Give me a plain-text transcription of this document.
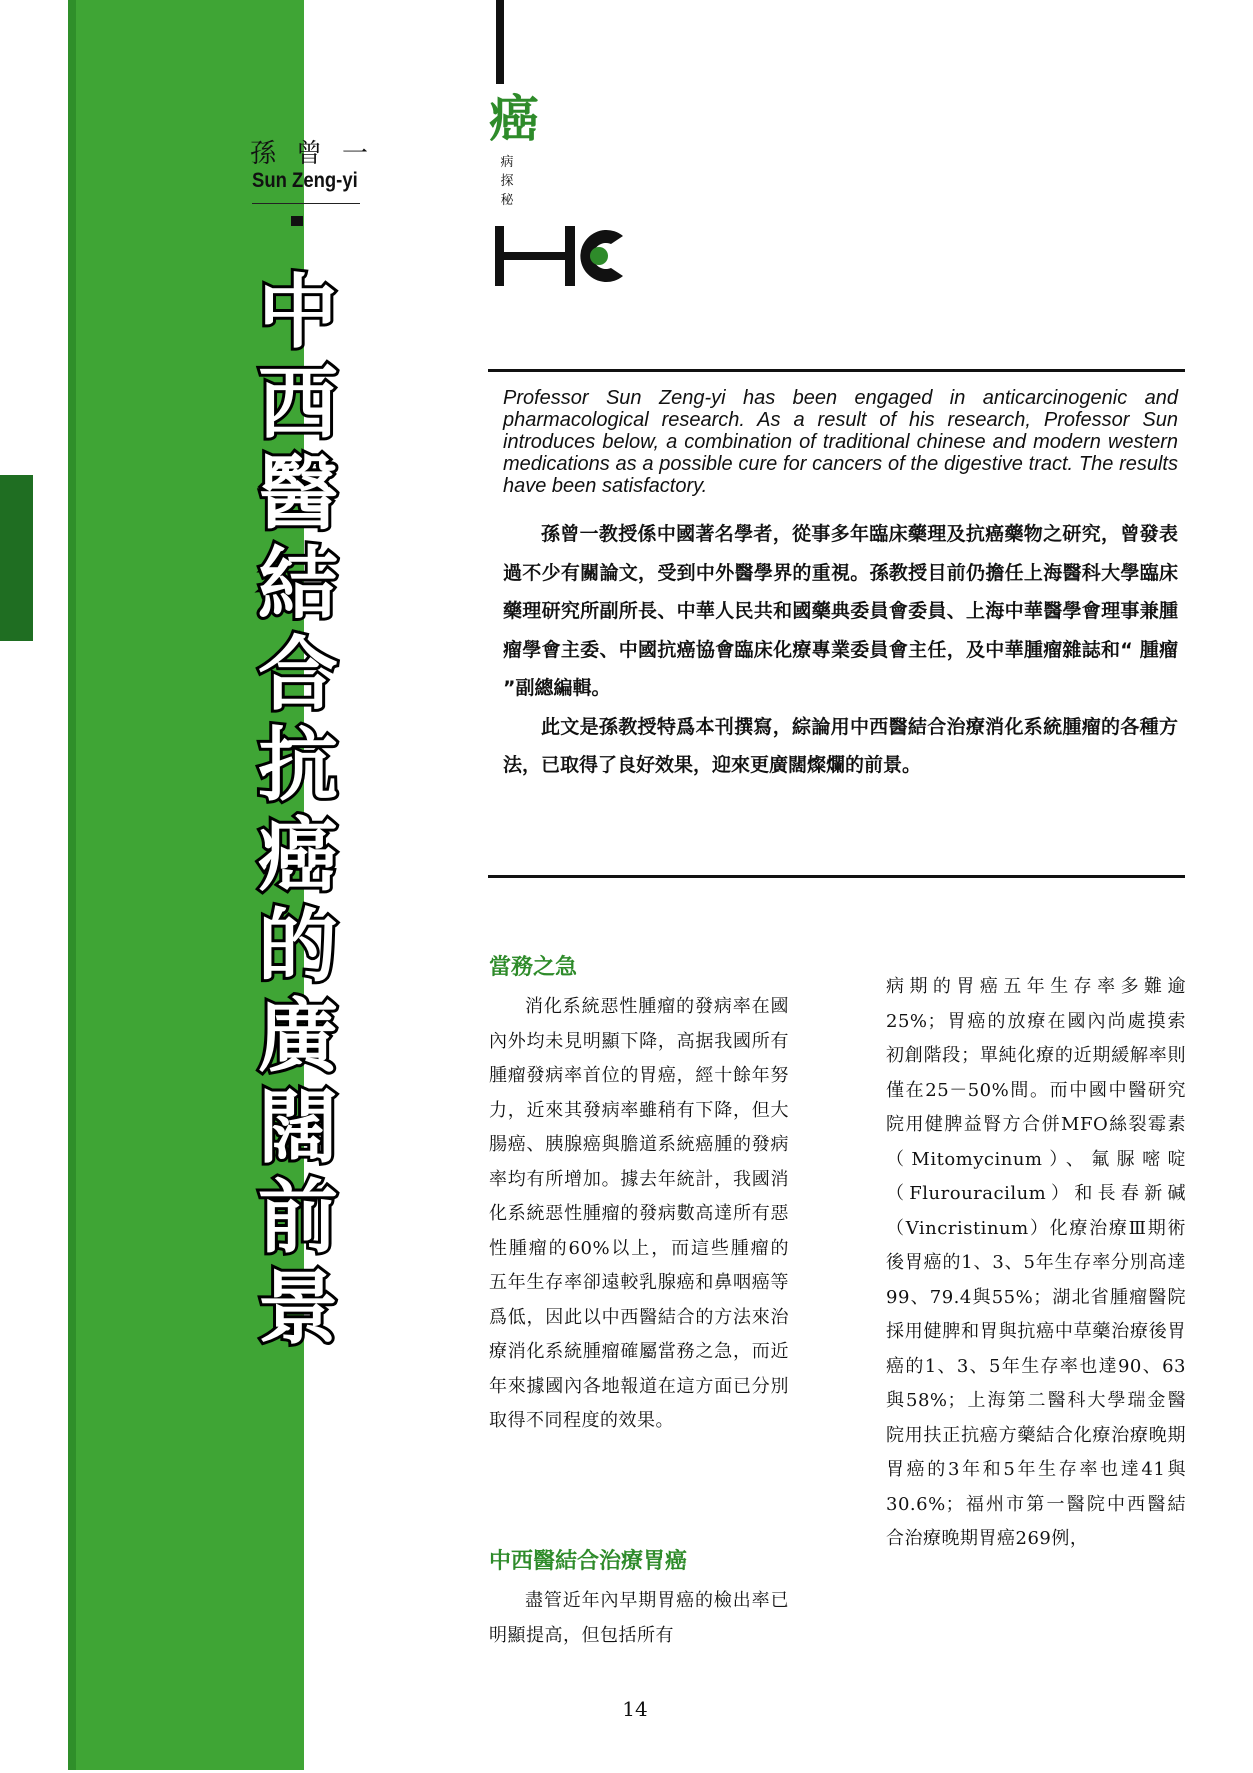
孫曾一
Sun Zeng-yi
中
西
醫
結
合
抗
癌
的
廣
闊
前
景
癌
病
探
秘
Professor Sun Zeng-yi has been engaged in anticarcinogenic and pharmacological research. As a result of his research, Professor Sun introduces below, a combination of traditional chinese and modern western medications as a possible cure for cancers of the digestive tract. The results have been satisfactory.

孫曾一教授係中國著名學者，從事多年臨床藥理及抗癌藥物之研究，曾發表過不少有關論文，受到中外醫學界的重視。孫教授目前仍擔任上海醫科大學臨床藥理研究所副所長、中華人民共和國藥典委員會委員、上海中華醫學會理事兼腫瘤學會主委、中國抗癌協會臨床化療專業委員會主任，及中華腫瘤雜誌和“ 腫瘤 ”副總編輯。

此文是孫教授特爲本刊撰寫，綜論用中西醫結合治療消化系統腫瘤的各種方法，已取得了良好效果，迎來更廣闊燦爛的前景。

當務之急

消化系統惡性腫瘤的發病率在國內外均未見明顯下降，高据我國所有腫瘤發病率首位的胃癌，經十餘年努力，近來其發病率雖稍有下降，但大腸癌、胰腺癌與膽道系統癌腫的發病率均有所增加。據去年統計，我國消化系統惡性腫瘤的發病數高達所有惡性腫瘤的60%以上，而這些腫瘤的五年生存率卻遠較乳腺癌和鼻咽癌等爲低，因此以中西醫結合的方法來治療消化系統腫瘤確屬當務之急，而近年來據國內各地報道在這方面已分別取得不同程度的效果。

中西醫結合治療胃癌

盡管近年內早期胃癌的檢出率已明顯提高，但包括所有

病期的胃癌五年生存率多難逾25%；胃癌的放療在國內尚處摸索初創階段；單純化療的近期緩解率則僅在25－50%間。而中國中醫研究院用健脾益腎方合併MFO絲裂霉素（Mitomycinum）、氟脲嘧啶（Flurouracilum）和長春新碱（Vincristinum）化療治療Ⅲ期術後胃癌的1、3、5年生存率分別高達99、79.4與55%；湖北省腫瘤醫院採用健脾和胃與抗癌中草藥治療後胃癌的1、3、5年生存率也達90、63與58%；上海第二醫科大學瑞金醫院用扶正抗癌方藥結合化療治療晚期胃癌的3年和5年生存率也達41與30.6%；福州市第一醫院中西醫結合治療晚期胃癌269例，

14
